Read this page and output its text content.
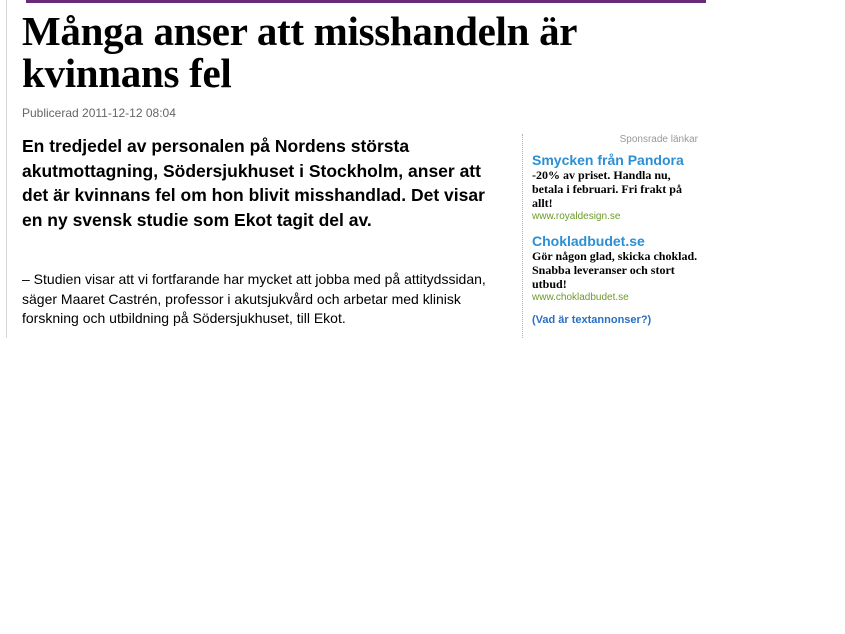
Många anser att misshandeln är kvinnans fel
Publicerad 2011-12-12 08:04

En tredjedel av personalen på Nordens största akutmottagning, Södersjukhuset i Stockholm, anser att det är kvinnans fel om hon blivit misshandlad. Det visar en ny svensk studie som Ekot tagit del av.

– Studien visar att vi fortfarande har mycket att jobba med på attitydssidan, säger Maaret Castrén, professor i akutsjukvård och arbetar med klinisk forskning och utbildning på Södersjukhuset, till Ekot.

Sponsrade länkar
Smycken från Pandora
-20% av priset. Handla nu, betala i februari. Fri frakt på allt!
www.royaldesign.se
Chokladbudet.se
Gör någon glad, skicka choklad. Snabba leveranser och stort utbud!
www.chokladbudet.se
(Vad är textannonser?)
